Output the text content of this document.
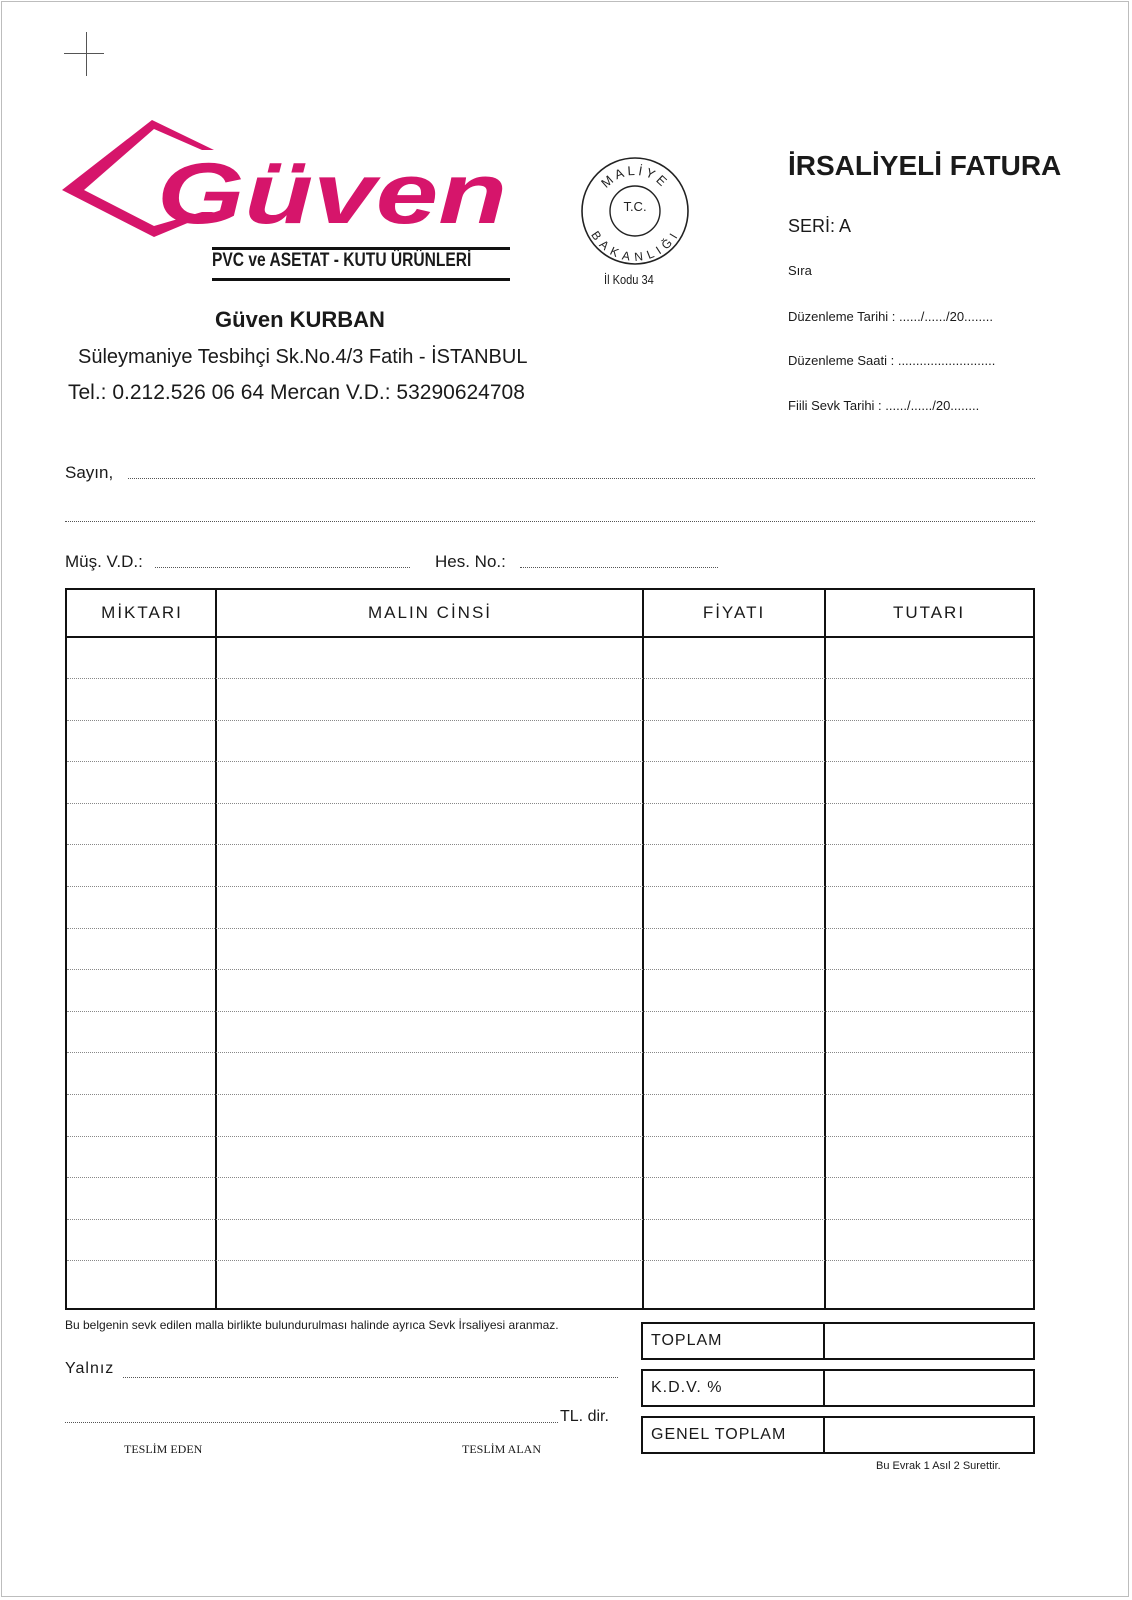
Güven
PVC ve ASETAT - KUTU ÜRÜNLERİ
Güven KURBAN
Süleymaniye Tesbihçi Sk.No.4/3 Fatih - İSTANBUL
Tel.: 0.212.526 06 64 Mercan V.D.: 53290624708
MALİYE
BAKANLIĞI
T.C.
İl Kodu 34
İRSALİYELİ FATURA
SERİ: A
Sıra
Düzenleme Tarihi : ....../....../20........
Düzenleme Saati : ...........................
Fiili Sevk Tarihi : ....../....../20........
Sayın,
Müş. V.D.:	Hes. No.:
MİKTARI	MALIN CİNSİ	FİYATI	TUTARI
Bu belgenin sevk edilen malla birlikte bulundurulması halinde ayrıca Sevk İrsaliyesi aranmaz.
Yalnız
TL. dir.
TESLİM EDEN	TESLİM ALAN
TOPLAM
K.D.V. %
GENEL TOPLAM
Bu Evrak 1 Asıl 2 Surettir.
